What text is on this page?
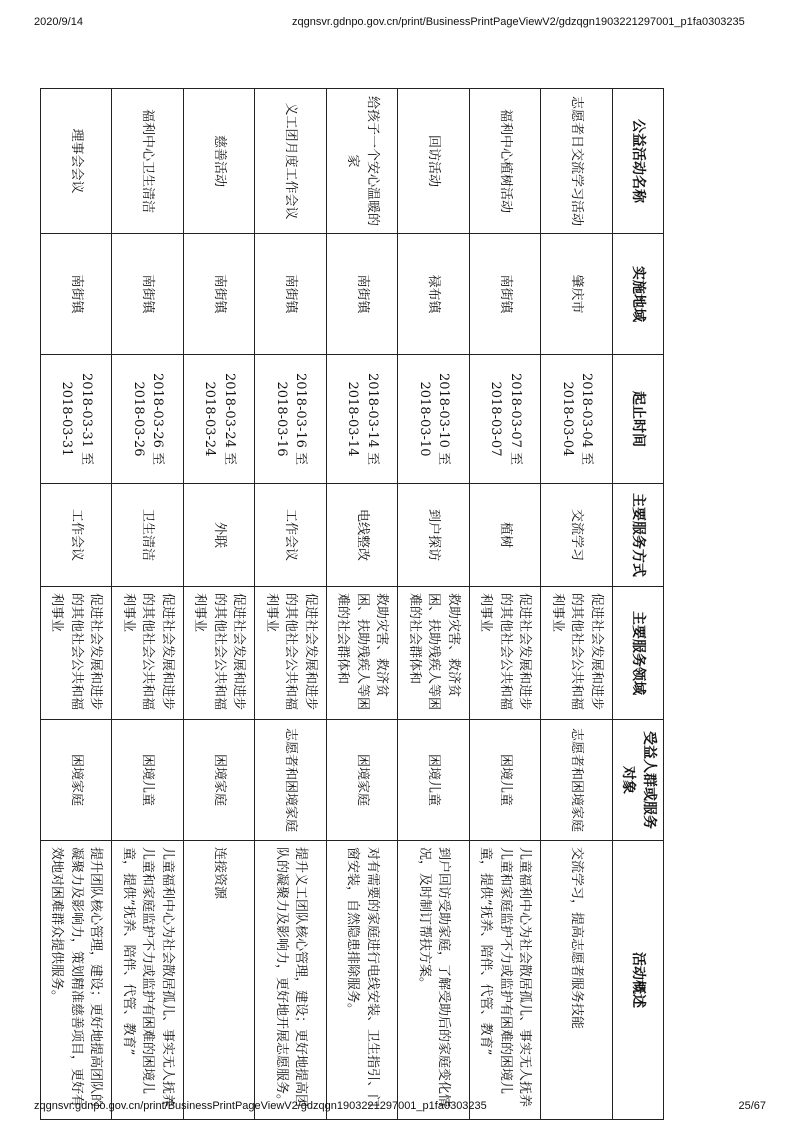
2020/9/14	zqgnsvr.gdnpo.gov.cn/print/BusinessPrintPageViewV2/gdzqgn1903221297001_p1fa0303235
公益活动名称	实施地域	起止时间	主要服务方式	主要服务领域	受益人群或服务对象	活动概述
志愿者日交流学习活动	肇庆市	2018-03-04 至 2018-03-04	交流学习	促进社会发展和进步的其他社会公共和福利事业	志愿者和困境家庭	交流学习，提高志愿者服务技能
福利中心植树活动	南街镇	2018-03-07 至 2018-03-07	植树	促进社会发展和进步的其他社会公共和福利事业	困境儿童	儿童福利中心为社会散居孤儿、事实无人抚养儿童和家庭监护不力或监护有困难的困境儿童，提供”抚养、陪伴、代管、教育”
回访活动	禄布镇	2018-03-10 至 2018-03-10	到户探访	救助灾害、救济贫困、扶助残疾人等困难的社会群体和	困境儿童	到户回访受助家庭，了解受助后的家庭变化情况，及时制订帮扶方案。
给孩子一个安心温暖的家	南街镇	2018-03-14 至 2018-03-14	电线整改	救助灾害、救济贫困、扶助残疾人等困难的社会群体和	困境家庭	对有需要的家庭进行电线安装、卫生指引、门窗安装，自然隐患排除服务。
义工团月度工作会议	南街镇	2018-03-16 至 2018-03-16	工作会议	促进社会发展和进步的其他社会公共和福利事业	志愿者和困境家庭	提升义工团队核心管理，建设；更好地提高团队的凝聚力及影响力，更好地开展志愿服务。
慈善活动	南街镇	2018-03-24 至 2018-03-24	外联	促进社会发展和进步的其他社会公共和福利事业	困境家庭	连接资源
福利中心卫生清洁	南街镇	2018-03-26 至 2018-03-26	卫生清洁	促进社会发展和进步的其他社会公共和福利事业	困境儿童	儿童福利中心为社会散居孤儿、事实无人抚养儿童和家庭监护不力或监护有困难的困境儿童，提供”抚养、陪伴、代管、教育”
理事会会议	南街镇	2018-03-31 至 2018-03-31	工作会议	促进社会发展和进步的其他社会公共和福利事业	困境家庭	提升团队核心管理，建设；更好地提高团队的凝聚力及影响力，策划精准慈善项目，更好有效地对困难群众提供服务。
zqgnsvr.gdnpo.gov.cn/print/BusinessPrintPageViewV2/gdzqgn1903221297001_p1fa0303235	25/67
